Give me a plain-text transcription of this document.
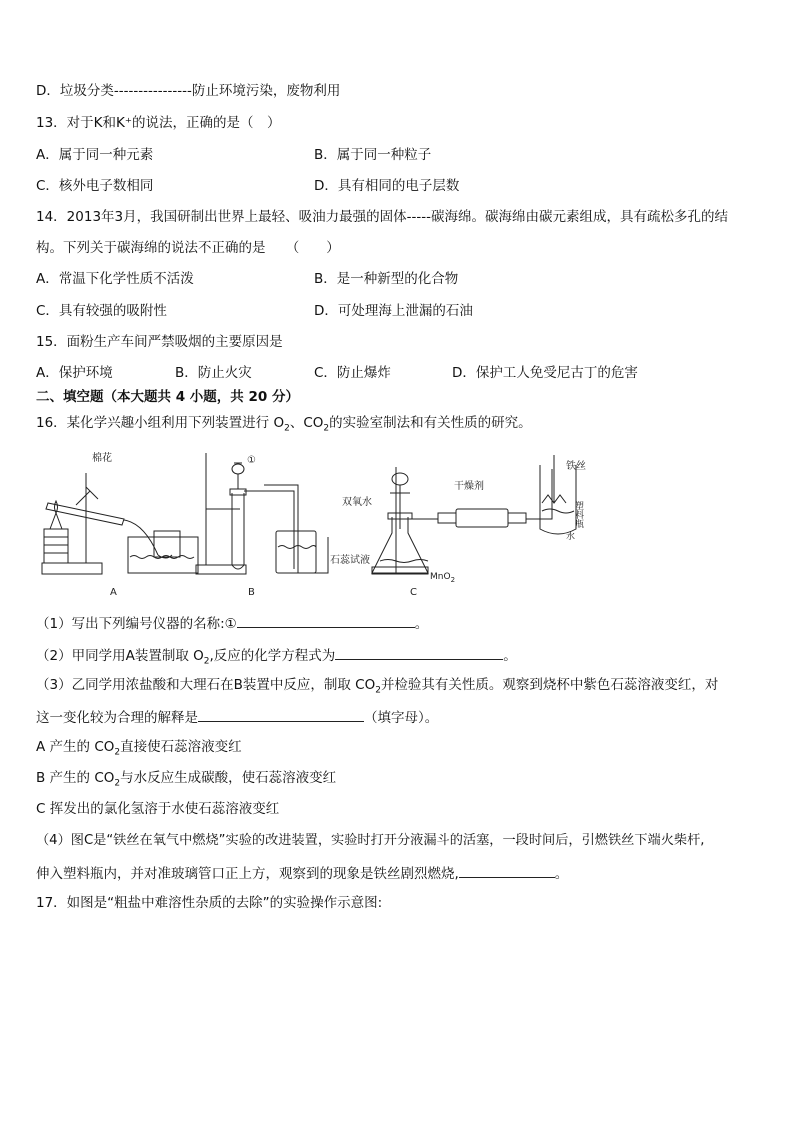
D．垃圾分类----------------防止环境污染，废物利用
13．对于K和K⁺的说法，正确的是（　）
A．属于同一种元素	B．属于同一种粒子
C．核外电子数相同	D．具有相同的电子层数
14．2013年3月，我国研制出世界上最轻、吸油力最强的固体-----碳海绵。碳海绵由碳元素组成，具有疏松多孔的结
构。下列关于碳海绵的说法不正确的是　　（　　）
A．常温下化学性质不活泼	B．是一种新型的化合物
C．具有较强的吸附性	D．可处理海上泄漏的石油
15．面粉生产车间严禁吸烟的主要原因是
A．保护环境	B．防止火灾	C．防止爆炸	D．保护工人免受尼古丁的危害
二、填空题（本大题共 4 小题，共 20 分）
16．某化学兴趣小组利用下列装置进行 $O_2$、$CO_2$的实验室制法和有关性质的研究。
棉花	①
石蕊试液
双氧水
干燥剂
MnO$_2$
铁丝
塑料瓶
水
A	B	C
（1）写出下列编号仪器的名称:①	。
（2）甲同学用A装置制取 $O_2$,反应的化学方程式为	。
（3）乙同学用浓盐酸和大理石在B装置中反应，制取 $CO_2$并检验其有关性质。观察到烧杯中紫色石蕊溶液变红，对
这一变化较为合理的解释是	（填字母）。
A 产生的 $CO_2$直接使石蕊溶液变红
B 产生的 $CO_2$与水反应生成碳酸，使石蕊溶液变红
C 挥发出的氯化氢溶于水使石蕊溶液变红
（4）图C是“铁丝在氧气中燃烧”实验的改进装置，实验时打开分液漏斗的活塞，一段时间后，引燃铁丝下端火柴杆,
伸入塑料瓶内，并对准玻璃管口正上方，观察到的现象是铁丝剧烈燃烧,	。
17．如图是“粗盐中难溶性杂质的去除”的实验操作示意图:
